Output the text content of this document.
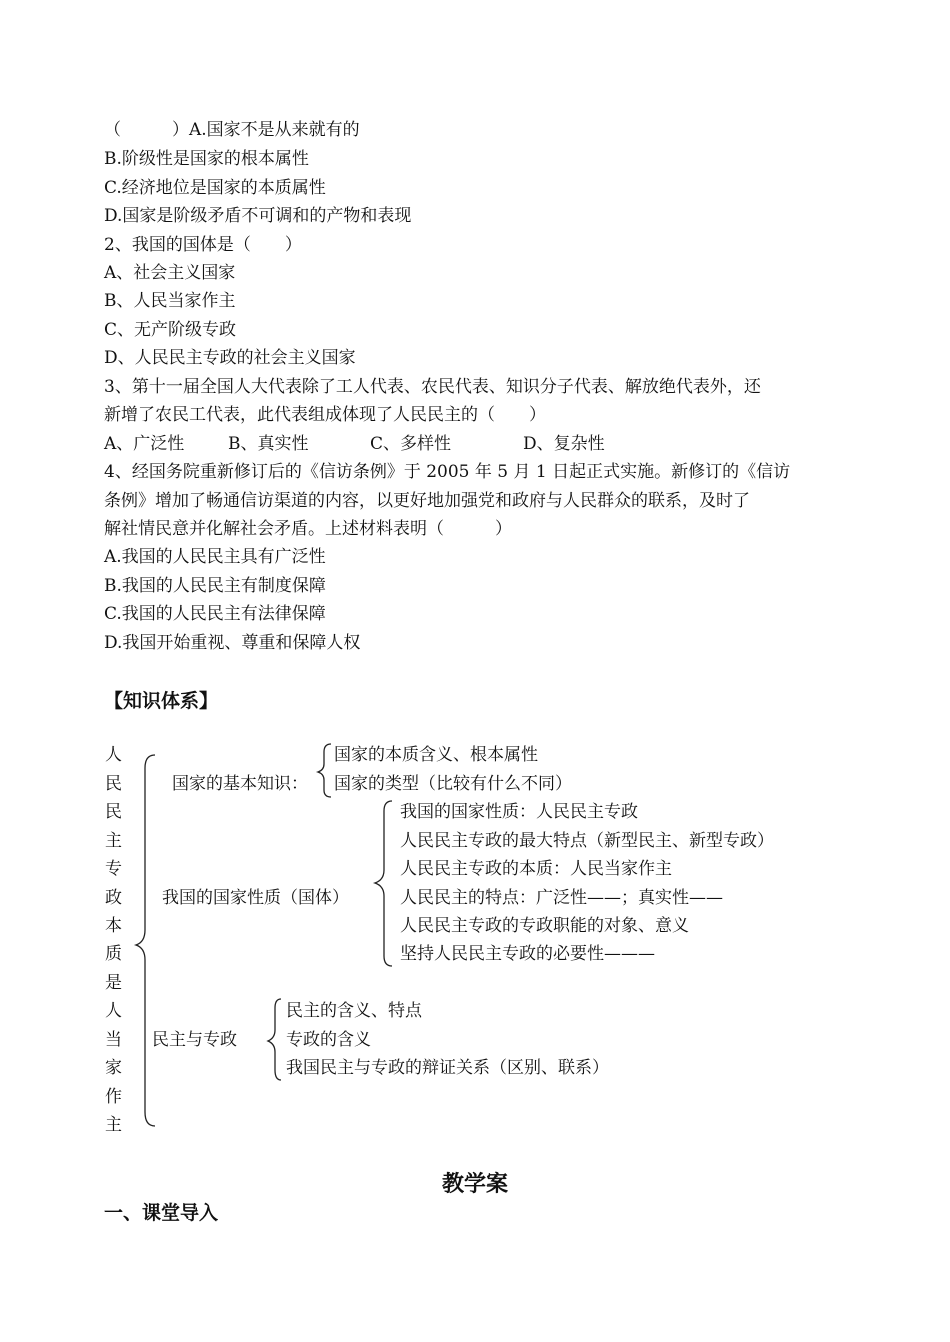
（　　　）A.国家不是从来就有的
B.阶级性是国家的根本属性
C.经济地位是国家的本质属性
D.国家是阶级矛盾不可调和的产物和表现
2、我国的国体是（　　）
A、社会主义国家
B、人民当家作主
C、无产阶级专政
D、人民民主专政的社会主义国家
3、第十一届全国人大代表除了工人代表、农民代表、知识分子代表、解放绝代表外，还
新增了农民工代表，此代表组成体现了人民民主的（　　）
A、广泛性	B、真实性	C、多样性	D、复杂性
4、经国务院重新修订后的《信访条例》于 2005 年 5 月 1 日起正式实施。新修订的《信访
条例》增加了畅通信访渠道的内容，以更好地加强党和政府与人民群众的联系，及时了
解社情民意并化解社会矛盾。上述材料表明（　　　）
A.我国的人民民主具有广泛性
B.我国的人民民主有制度保障
C.我国的人民民主有法律保障
D.我国开始重视、尊重和保障人权
【知识体系】
人
民
民
主
专
政
本
质
是
人
当
家
作
主
国家的基本知识：
国家的本质含义、根本属性
国家的类型（比较有什么不同）
我国的国家性质（国体）
我国的国家性质：人民民主专政
人民民主专政的最大特点（新型民主、新型专政）
人民民主专政的本质：人民当家作主
人民民主的特点：广泛性——；真实性——
人民民主专政的专政职能的对象、意义
坚持人民民主专政的必要性———
民主与专政
民主的含义、特点
专政的含义
我国民主与专政的辩证关系（区别、联系）
教学案
一、课堂导入
